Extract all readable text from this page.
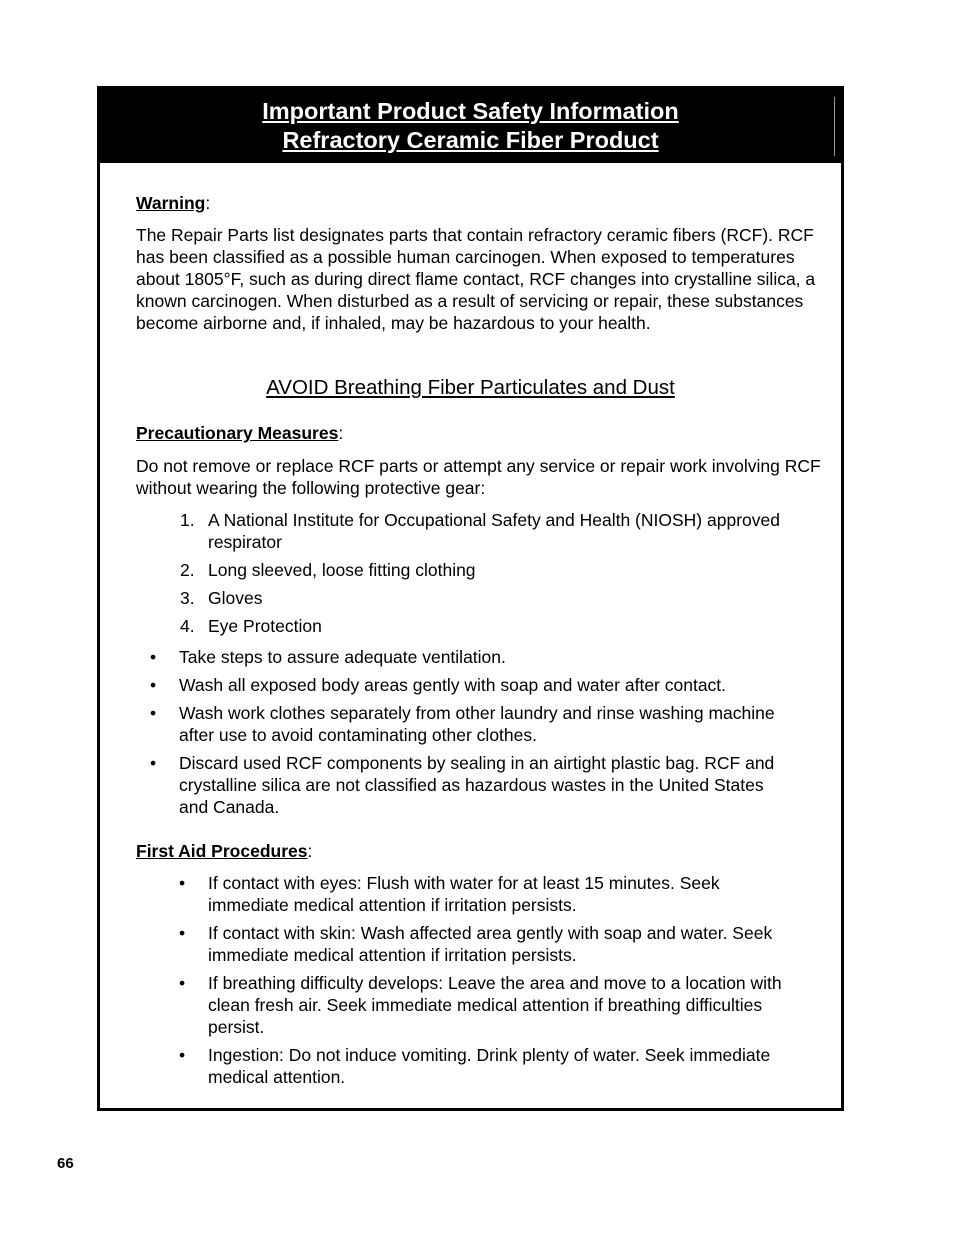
Important Product Safety Information
Refractory Ceramic Fiber Product
Warning:
The Repair Parts list designates parts that contain refractory ceramic fibers (RCF). RCF has been classified as a possible human carcinogen. When exposed to temperatures about 1805°F, such as during direct flame contact, RCF changes into crystalline silica, a known carcinogen. When disturbed as a result of servicing or repair, these substances become airborne and, if inhaled, may be hazardous to your health.
AVOID Breathing Fiber Particulates and Dust
Precautionary Measures:
Do not remove or replace RCF parts or attempt any service or repair work involving RCF without wearing the following protective gear:
1. A National Institute for Occupational Safety and Health (NIOSH) approved respirator
2. Long sleeved, loose fitting clothing
3. Gloves
4. Eye Protection
• Take steps to assure adequate ventilation.
• Wash all exposed body areas gently with soap and water after contact.
• Wash work clothes separately from other laundry and rinse washing machine after use to avoid contaminating other clothes.
• Discard used RCF components by sealing in an airtight plastic bag. RCF and crystalline silica are not classified as hazardous wastes in the United States and Canada.
First Aid Procedures:
• If contact with eyes: Flush with water for at least 15 minutes. Seek immediate medical attention if irritation persists.
• If contact with skin: Wash affected area gently with soap and water. Seek immediate medical attention if irritation persists.
• If breathing difficulty develops: Leave the area and move to a location with clean fresh air. Seek immediate medical attention if breathing difficulties persist.
• Ingestion: Do not induce vomiting. Drink plenty of water. Seek immediate medical attention.
66
